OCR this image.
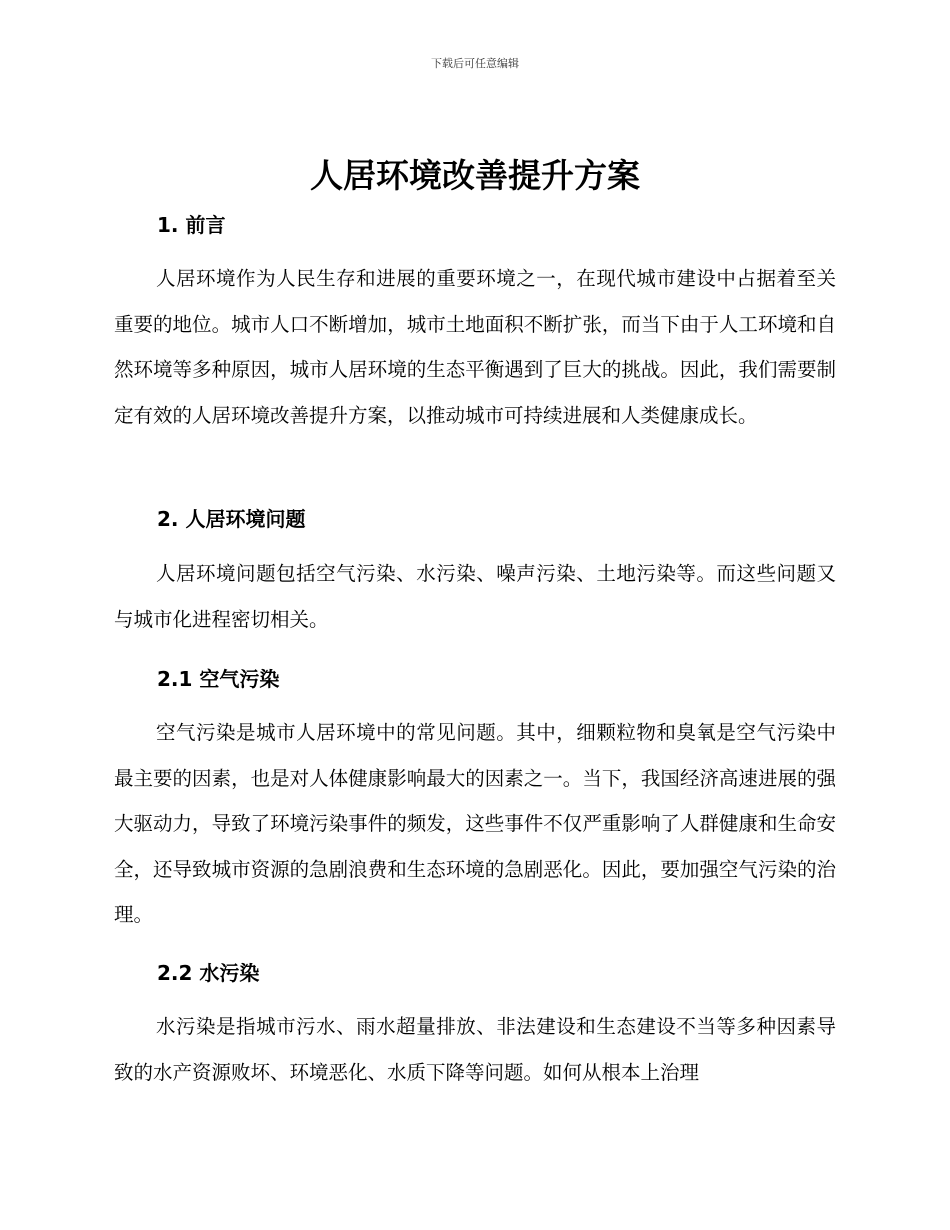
下载后可任意编辑
人居环境改善提升方案
1. 前言
人居环境作为人民生存和进展的重要环境之一，在现代城市建设中占据着至关重要的地位。城市人口不断增加，城市土地面积不断扩张，而当下由于人工环境和自然环境等多种原因，城市人居环境的生态平衡遇到了巨大的挑战。因此，我们需要制定有效的人居环境改善提升方案，以推动城市可持续进展和人类健康成长。
2. 人居环境问题
人居环境问题包括空气污染、水污染、噪声污染、土地污染等。而这些问题又与城市化进程密切相关。
2.1 空气污染
空气污染是城市人居环境中的常见问题。其中，细颗粒物和臭氧是空气污染中最主要的因素，也是对人体健康影响最大的因素之一。当下，我国经济高速进展的强大驱动力，导致了环境污染事件的频发，这些事件不仅严重影响了人群健康和生命安全，还导致城市资源的急剧浪费和生态环境的急剧恶化。因此，要加强空气污染的治理。
2.2 水污染
水污染是指城市污水、雨水超量排放、非法建设和生态建设不当等多种因素导致的水产资源败坏、环境恶化、水质下降等问题。如何从根本上治理
